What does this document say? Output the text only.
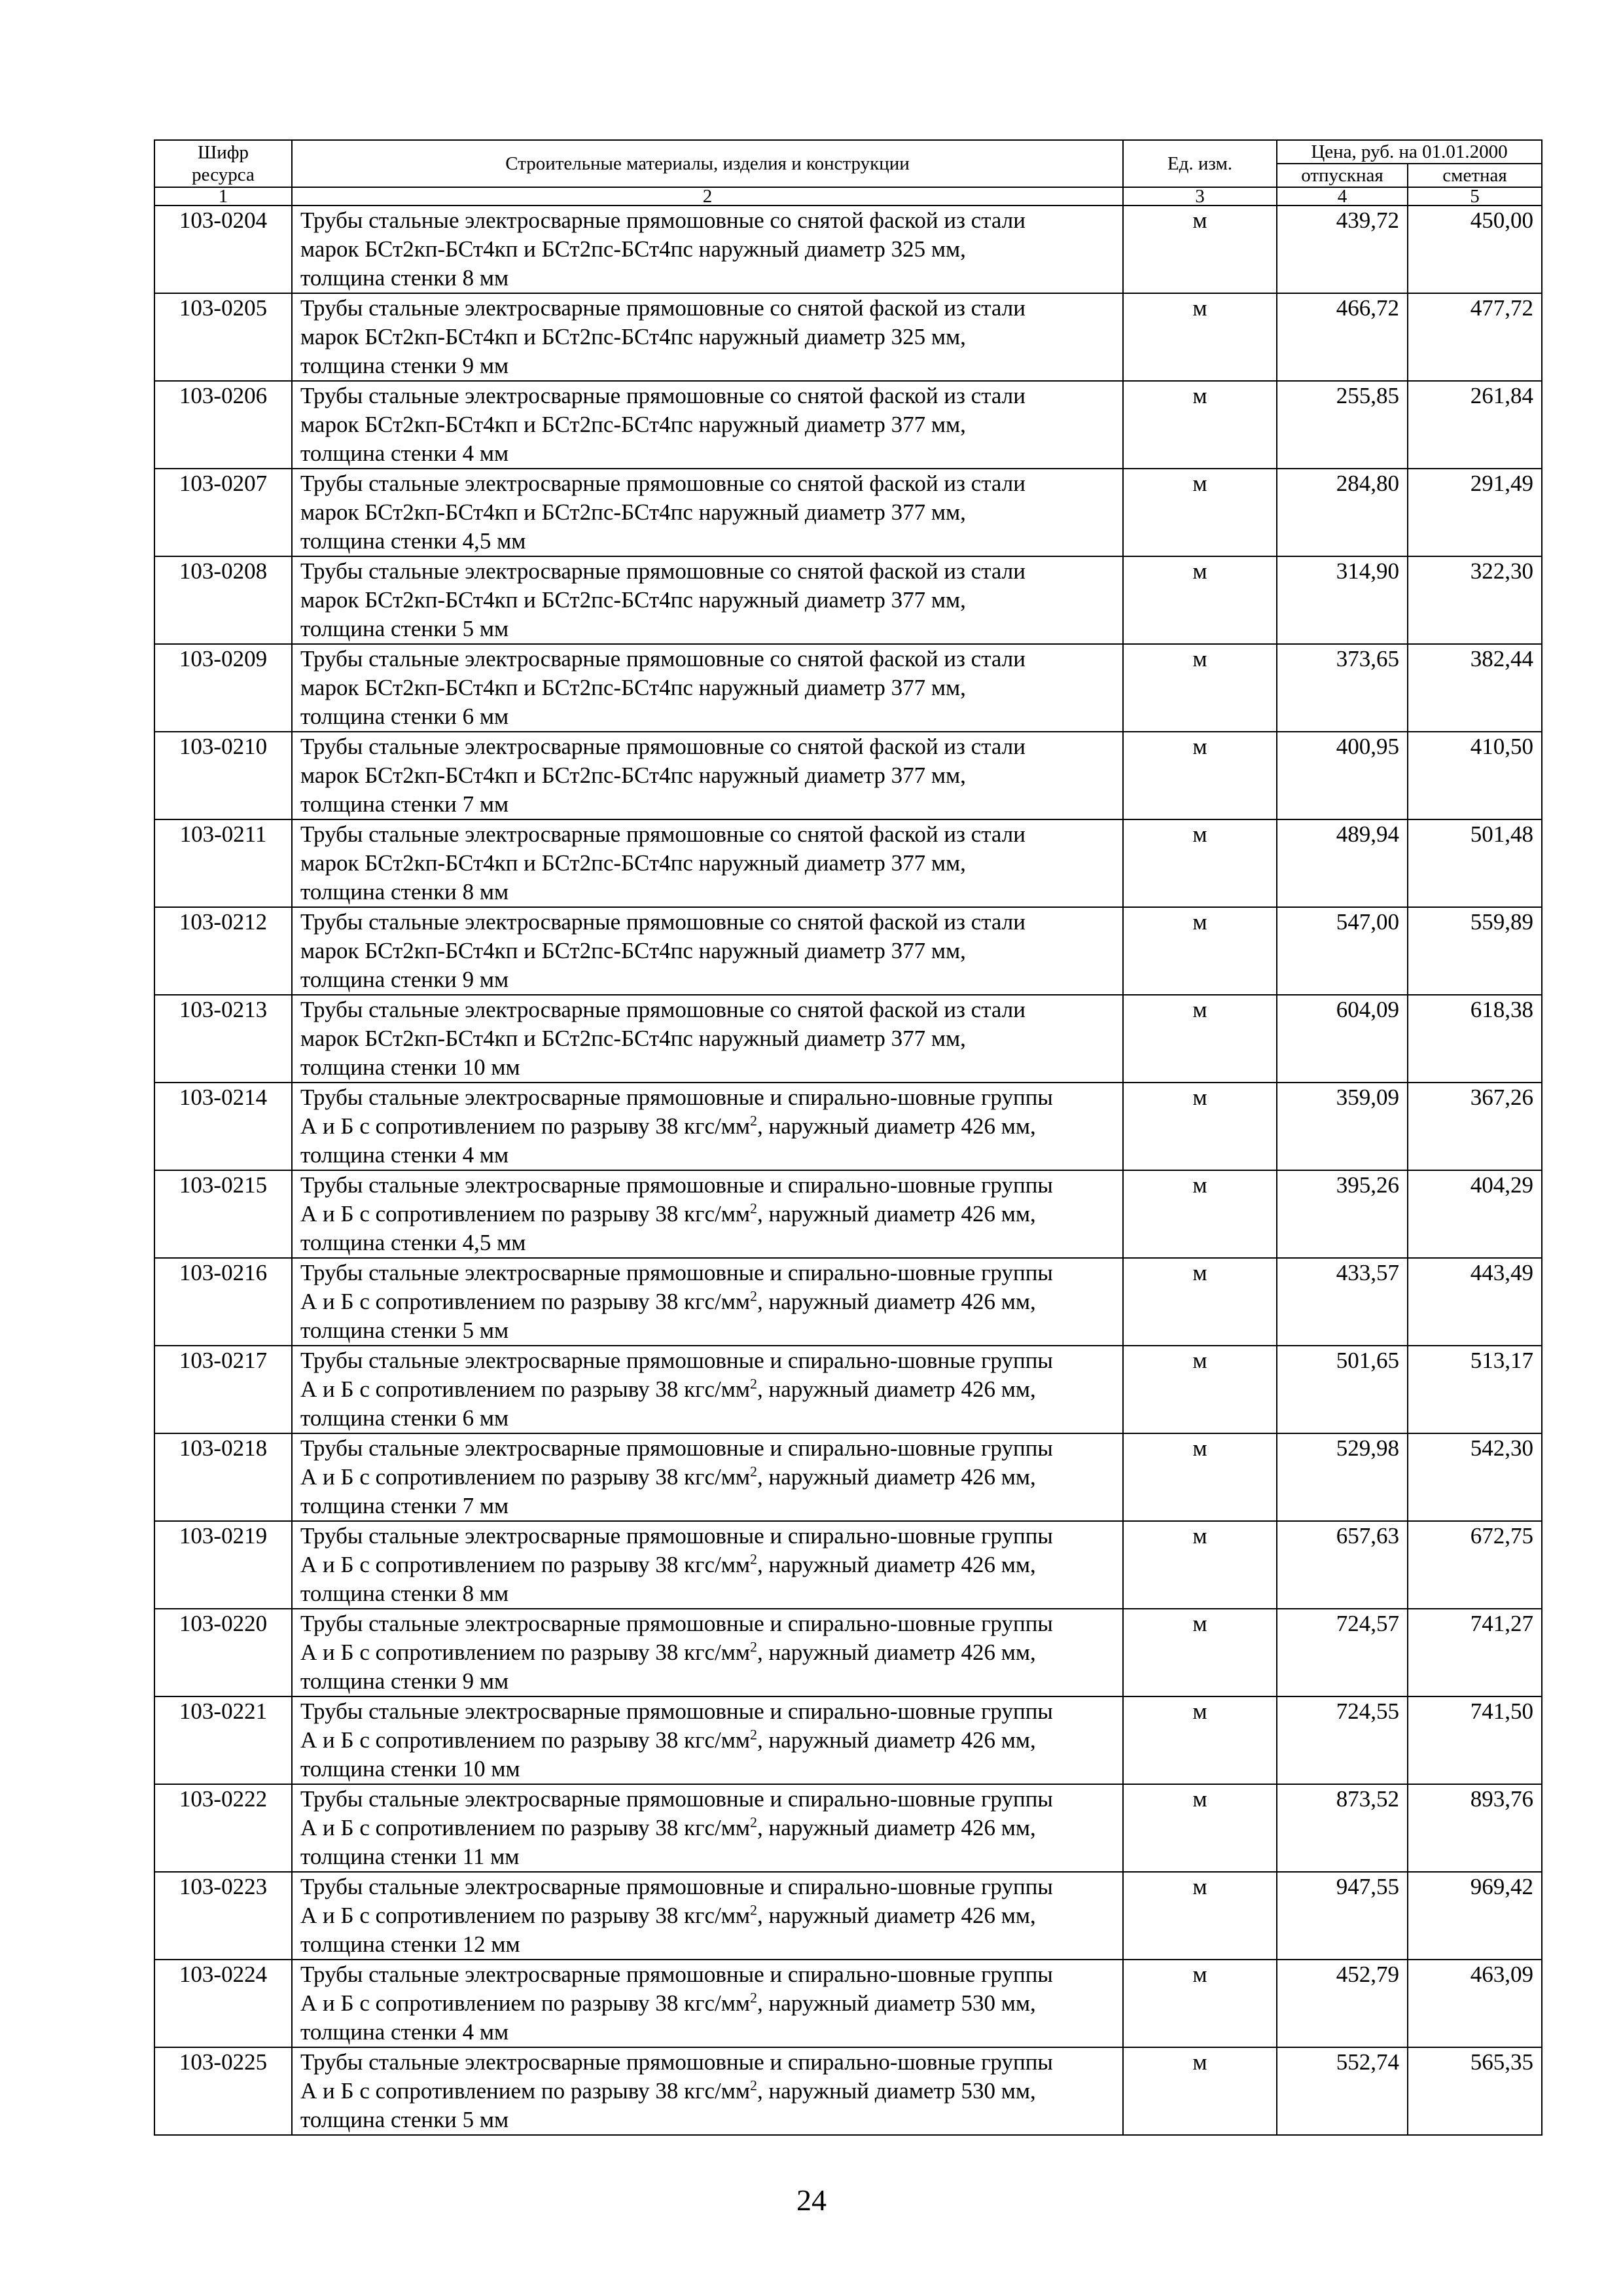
Шифр ресурса	Строительные материалы, изделия и конструкции	Ед. изм.	Цена, руб. на 01.01.2000	
			отпускная	сметная
1	2	3	4	5
103-0204	Трубы стальные электросварные прямошовные со снятой фаской из стали
марок БСт2кп-БСт4кп и БСт2пс-БСт4пс наружный диаметр 325 мм,
толщина стенки 8 мм	м	439,72	450,00
103-0205	Трубы стальные электросварные прямошовные со снятой фаской из стали
марок БСт2кп-БСт4кп и БСт2пс-БСт4пс наружный диаметр 325 мм,
толщина стенки 9 мм	м	466,72	477,72
103-0206	Трубы стальные электросварные прямошовные со снятой фаской из стали
марок БСт2кп-БСт4кп и БСт2пс-БСт4пс наружный диаметр 377 мм,
толщина стенки 4 мм	м	255,85	261,84
103-0207	Трубы стальные электросварные прямошовные со снятой фаской из стали
марок БСт2кп-БСт4кп и БСт2пс-БСт4пс наружный диаметр 377 мм,
толщина стенки 4,5 мм	м	284,80	291,49
103-0208	Трубы стальные электросварные прямошовные со снятой фаской из стали
марок БСт2кп-БСт4кп и БСт2пс-БСт4пс наружный диаметр 377 мм,
толщина стенки 5 мм	м	314,90	322,30
103-0209	Трубы стальные электросварные прямошовные со снятой фаской из стали
марок БСт2кп-БСт4кп и БСт2пс-БСт4пс наружный диаметр 377 мм,
толщина стенки 6 мм	м	373,65	382,44
103-0210	Трубы стальные электросварные прямошовные со снятой фаской из стали
марок БСт2кп-БСт4кп и БСт2пс-БСт4пс наружный диаметр 377 мм,
толщина стенки 7 мм	м	400,95	410,50
103-0211	Трубы стальные электросварные прямошовные со снятой фаской из стали
марок БСт2кп-БСт4кп и БСт2пс-БСт4пс наружный диаметр 377 мм,
толщина стенки 8 мм	м	489,94	501,48
103-0212	Трубы стальные электросварные прямошовные со снятой фаской из стали
марок БСт2кп-БСт4кп и БСт2пс-БСт4пс наружный диаметр 377 мм,
толщина стенки 9 мм	м	547,00	559,89
103-0213	Трубы стальные электросварные прямошовные со снятой фаской из стали
марок БСт2кп-БСт4кп и БСт2пс-БСт4пс наружный диаметр 377 мм,
толщина стенки 10 мм	м	604,09	618,38
103-0214	Трубы стальные электросварные прямошовные и спирально-шовные группы
А и Б с сопротивлением по разрыву 38 кгс/$мм^2$, наружный диаметр 426 мм,
толщина стенки 4 мм	м	359,09	367,26
103-0215	Трубы стальные электросварные прямошовные и спирально-шовные группы
А и Б с сопротивлением по разрыву 38 кгс/$мм^2$, наружный диаметр 426 мм,
толщина стенки 4,5 мм	м	395,26	404,29
103-0216	Трубы стальные электросварные прямошовные и спирально-шовные группы
А и Б с сопротивлением по разрыву 38 кгс/$мм^2$, наружный диаметр 426 мм,
толщина стенки 5 мм	м	433,57	443,49
103-0217	Трубы стальные электросварные прямошовные и спирально-шовные группы
А и Б с сопротивлением по разрыву 38 кгс/$мм^2$, наружный диаметр 426 мм,
толщина стенки 6 мм	м	501,65	513,17
103-0218	Трубы стальные электросварные прямошовные и спирально-шовные группы
А и Б с сопротивлением по разрыву 38 кгс/$мм^2$, наружный диаметр 426 мм,
толщина стенки 7 мм	м	529,98	542,30
103-0219	Трубы стальные электросварные прямошовные и спирально-шовные группы
А и Б с сопротивлением по разрыву 38 кгс/$мм^2$, наружный диаметр 426 мм,
толщина стенки 8 мм	м	657,63	672,75
103-0220	Трубы стальные электросварные прямошовные и спирально-шовные группы
А и Б с сопротивлением по разрыву 38 кгс/$мм^2$, наружный диаметр 426 мм,
толщина стенки 9 мм	м	724,57	741,27
103-0221	Трубы стальные электросварные прямошовные и спирально-шовные группы
А и Б с сопротивлением по разрыву 38 кгс/$мм^2$, наружный диаметр 426 мм,
толщина стенки 10 мм	м	724,55	741,50
103-0222	Трубы стальные электросварные прямошовные и спирально-шовные группы
А и Б с сопротивлением по разрыву 38 кгс/$мм^2$, наружный диаметр 426 мм,
толщина стенки 11 мм	м	873,52	893,76
103-0223	Трубы стальные электросварные прямошовные и спирально-шовные группы
А и Б с сопротивлением по разрыву 38 кгс/$мм^2$, наружный диаметр 426 мм,
толщина стенки 12 мм	м	947,55	969,42
103-0224	Трубы стальные электросварные прямошовные и спирально-шовные группы
А и Б с сопротивлением по разрыву 38 кгс/$мм^2$, наружный диаметр 530 мм,
толщина стенки 4 мм	м	452,79	463,09
103-0225	Трубы стальные электросварные прямошовные и спирально-шовные группы
А и Б с сопротивлением по разрыву 38 кгс/$мм^2$, наружный диаметр 530 мм,
толщина стенки 5 мм	м	552,74	565,35
24
